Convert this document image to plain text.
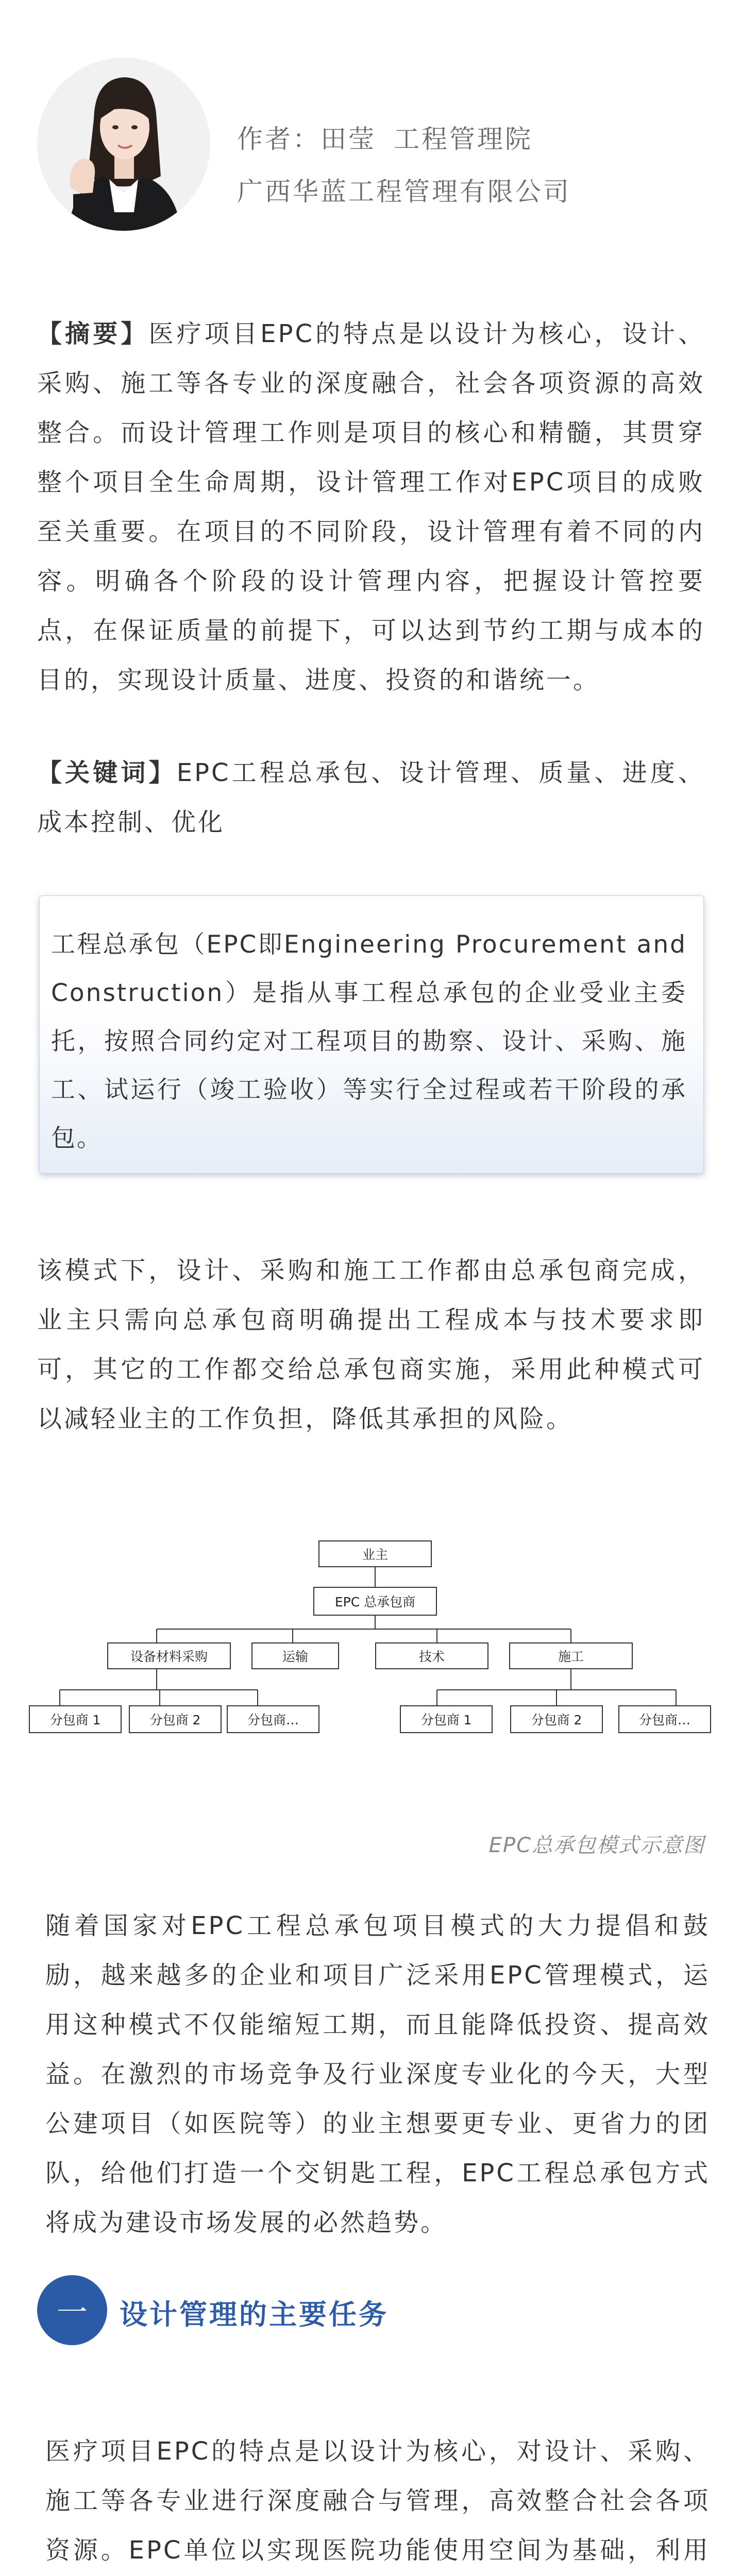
作者：田莹 工程管理院
广西华蓝工程管理有限公司

【摘要】医疗项目EPC的特点是以设计为核心，设计、采购、施工等各专业的深度融合，社会各项资源的高效整合。而设计管理工作则是项目的核心和精髓，其贯穿整个项目全生命周期，设计管理工作对EPC项目的成败至关重要。在项目的不同阶段，设计管理有着不同的内容。明确各个阶段的设计管理内容，把握设计管控要点，在保证质量的前提下，可以达到节约工期与成本的目的，实现设计质量、进度、投资的和谐统一。

【关键词】EPC工程总承包、设计管理、质量、进度、成本控制、优化

工程总承包（EPC即Engineering Procurement and Construction）是指从事工程总承包的企业受业主委托，按照合同约定对工程项目的勘察、设计、采购、施工、试运行（竣工验收）等实行全过程或若干阶段的承包。

该模式下，设计、采购和施工工作都由总承包商完成，业主只需向总承包商明确提出工程成本与技术要求即可，其它的工作都交给总承包商实施，采用此种模式可以减轻业主的工作负担，降低其承担的风险。

业主
EPC 总承包商
设备材料采购	运输	技术	施工
分包商 1	分包商 2	分包商…	分包商 1	分包商 2	分包商…
EPC总承包模式示意图

随着国家对EPC工程总承包项目模式的大力提倡和鼓励，越来越多的企业和项目广泛采用EPC管理模式，运用这种模式不仅能缩短工期，而且能降低投资、提高效益。在激烈的市场竞争及行业深度专业化的今天，大型公建项目（如医院等）的业主想要更专业、更省力的团队，给他们打造一个交钥匙工程，EPC工程总承包方式将成为建设市场发展的必然趋势。

一	设计管理的主要任务

医疗项目EPC的特点是以设计为核心，对设计、采购、施工等各专业进行深度融合与管理，高效整合社会各项资源。EPC单位以实现医院功能使用空间为基础，利用
